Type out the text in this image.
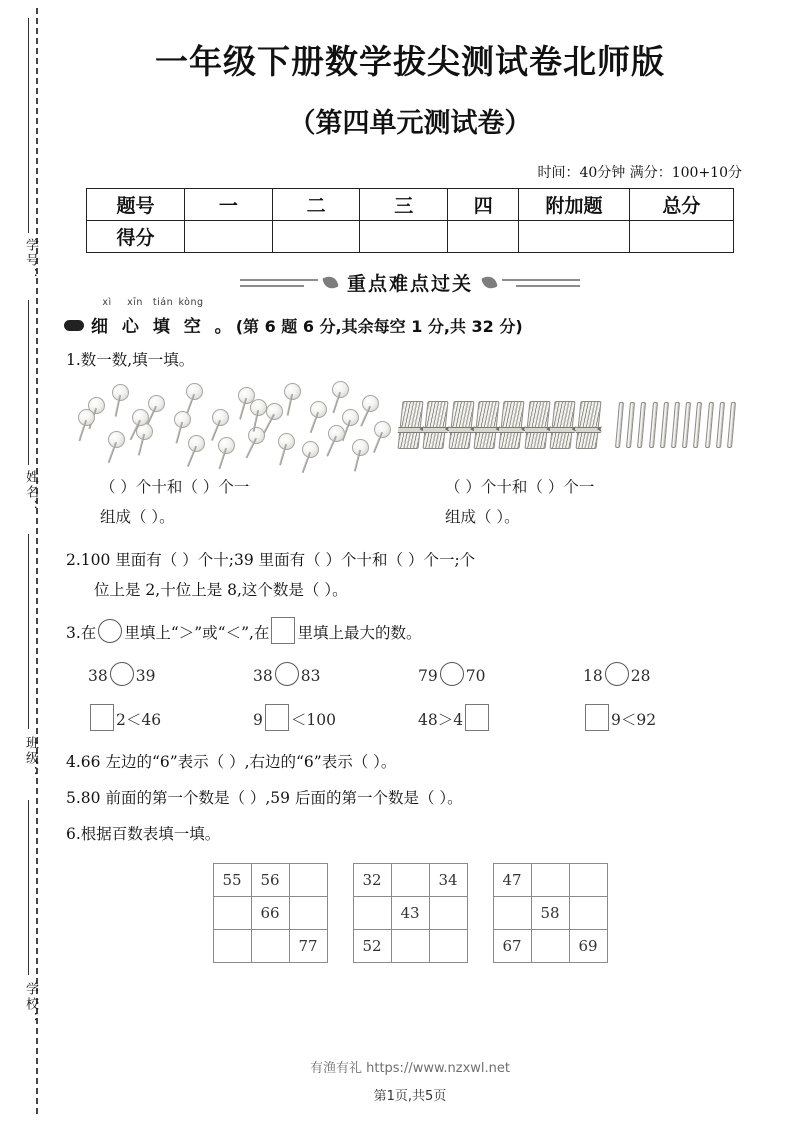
学号：
姓名：
班级：
学校：
一年级下册数学拔尖测试卷北师版
（第四单元测试卷）
时间：40分钟 满分：100+10分
题号	一	二	三	四	附加题	总分
得分						
重点难点过关
xì xīn tián kòng
细 心 填 空 。(第 6 题 6 分,其余每空 1 分,共 32 分)
1.数一数,填一填。
（ ）个十和（ ）个一	（ ）个十和（ ）个一
组成（ ）。	组成（ ）。
2.100 里面有（ ）个十;39 里面有（ ）个十和（ ）个一;个
位上是 2,十位上是 8,这个数是（ ）。
3.在 里填上“＞”或“＜”,在 里填上最大的数。
38 39	38 83	79 70	18 28
2＜46	9 ＜100	48＞4	9＜92
4.66 左边的“6”表示（ ）,右边的“6”表示（ ）。
5.80 前面的第一个数是（ ）,59 后面的第一个数是（ ）。
6.根据百数表填一填。
55	56	
	66	
		77
32		34
	43	
52		
47		
	58	
67		69
有渔有礼 https://www.nzxwl.net
第1页,共5页
